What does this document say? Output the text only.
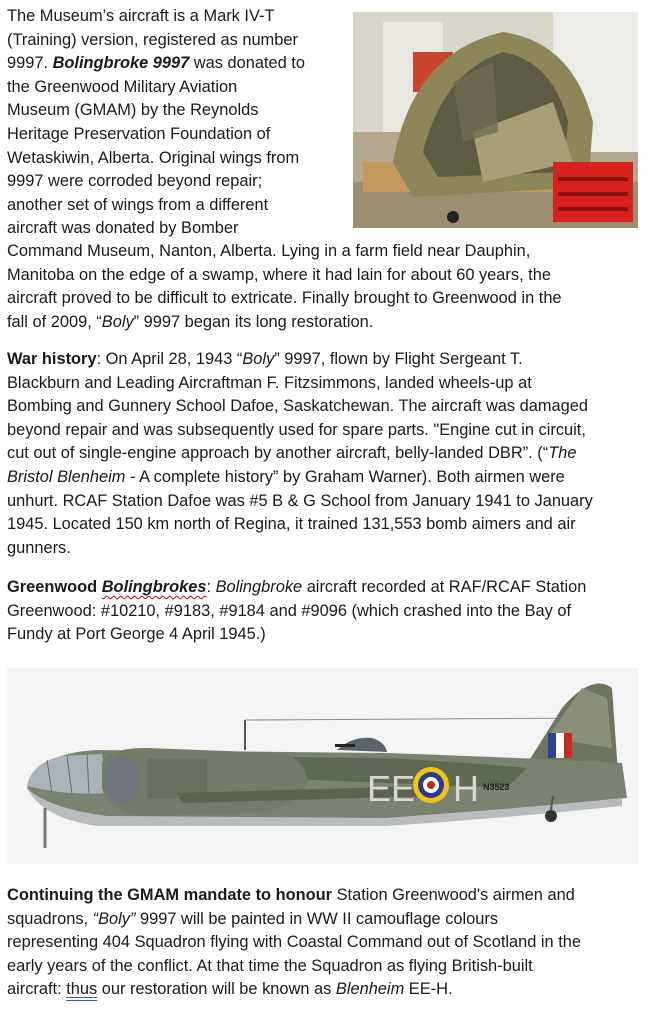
The Museum’s aircraft is a Mark IV-T
(Training) version, registered as number
9997. Bolingbroke 9997 was donated to
the Greenwood Military Aviation
Museum (GMAM) by the Reynolds
Heritage Preservation Foundation of
Wetaskiwin, Alberta. Original wings from
9997 were corroded beyond repair;
another set of wings from a different
aircraft was donated by Bomber
Command Museum, Nanton, Alberta. Lying in a farm field near Dauphin,
Manitoba on the edge of a swamp, where it had lain for about 60 years, the
aircraft proved to be difficult to extricate. Finally brought to Greenwood in the
fall of 2009, “Boly” 9997 began its long restoration.
War history: On April 28, 1943 “Boly” 9997, flown by Flight Sergeant T.
Blackburn and Leading Aircraftman F. Fitzsimmons, landed wheels-up at
Bombing and Gunnery School Dafoe, Saskatchewan. The aircraft was damaged
beyond repair and was subsequently used for spare parts. "Engine cut in circuit,
cut out of single-engine approach by another aircraft, belly-landed DBR”. (“The
Bristol Blenheim - A complete history” by Graham Warner). Both airmen were
unhurt. RCAF Station Dafoe was #5 B & G School from January 1941 to January
1945. Located 150 km north of Regina, it trained 131,553 bomb aimers and air
gunners.
Greenwood Bolingbrokes: Bolingbroke aircraft recorded at RAF/RCAF Station
Greenwood: #10210, #9183, #9184 and #9096 (which crashed into the Bay of
Fundy at Port George 4 April 1945.)
EE H N3523
Continuing the GMAM mandate to honour Station Greenwood's airmen and
squadrons, “Boly” 9997 will be painted in WW II camouflage colours
representing 404 Squadron flying with Coastal Command out of Scotland in the
early years of the conflict. At that time the Squadron as flying British-built
aircraft: thus our restoration will be known as Blenheim EE-H.
